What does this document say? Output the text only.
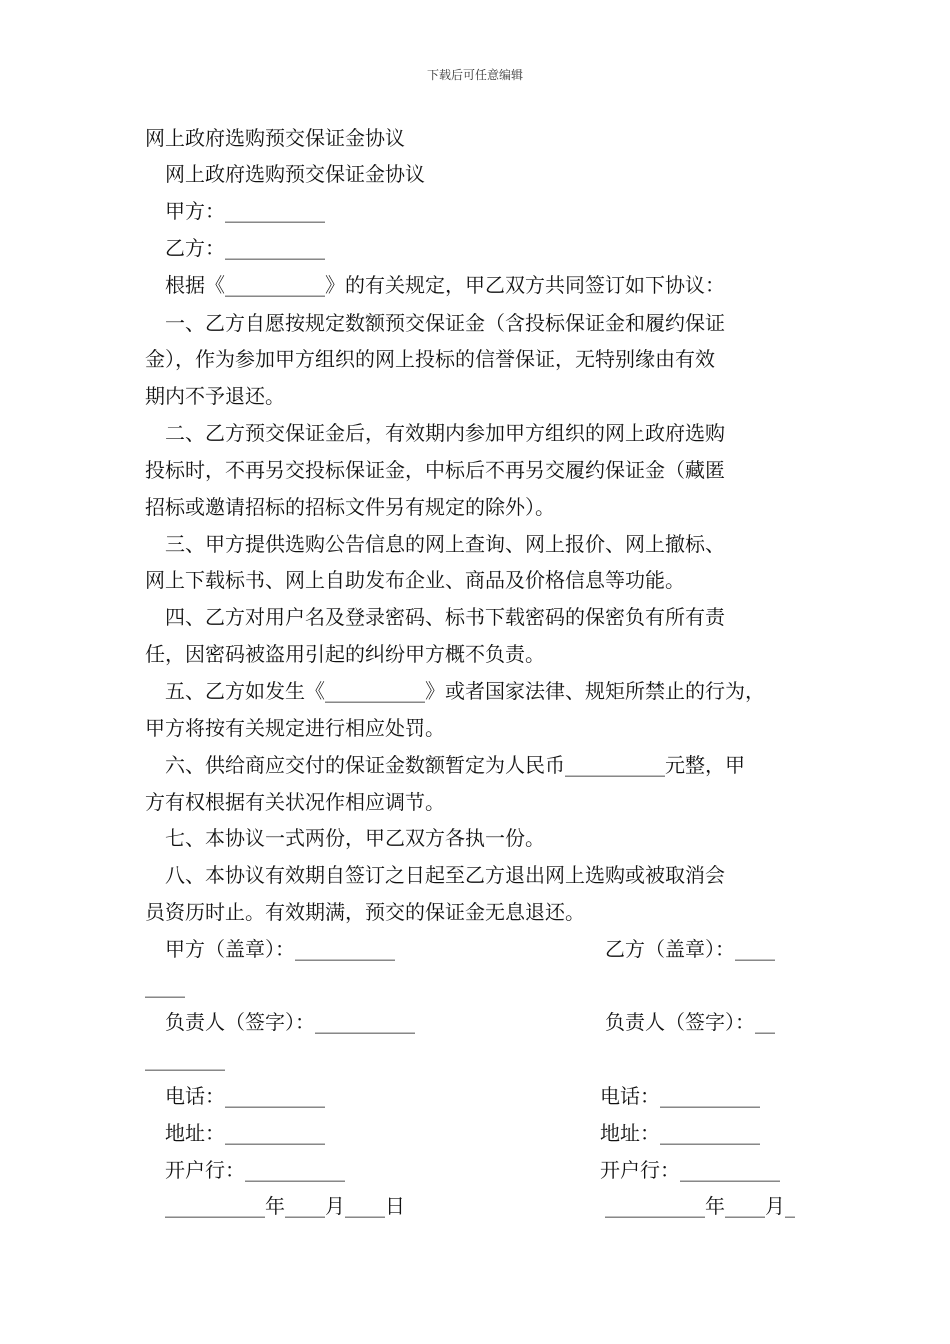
下载后可任意编辑
网上政府选购预交保证金协议
网上政府选购预交保证金协议
甲方：__________
乙方：__________
根据《__________》的有关规定，甲乙双方共同签订如下协议：
一、乙方自愿按规定数额预交保证金（含投标保证金和履约保证
金），作为参加甲方组织的网上投标的信誉保证，无特别缘由有效
期内不予退还。
二、乙方预交保证金后，有效期内参加甲方组织的网上政府选购
投标时，不再另交投标保证金，中标后不再另交履约保证金（藏匿
招标或邀请招标的招标文件另有规定的除外）。
三、甲方提供选购公告信息的网上查询、网上报价、网上撤标、
网上下载标书、网上自助发布企业、商品及价格信息等功能。
四、乙方对用户名及登录密码、标书下载密码的保密负有所有责
任，因密码被盗用引起的纠纷甲方概不负责。
五、乙方如发生《__________》或者国家法律、规矩所禁止的行为，
甲方将按有关规定进行相应处罚。
六、供给商应交付的保证金数额暂定为人民币__________元整，甲
方有权根据有关状况作相应调节。
七、本协议一式两份，甲乙双方各执一份。
八、本协议有效期自签订之日起至乙方退出网上选购或被取消会
员资历时止。有效期满，预交的保证金无息退还。
甲方（盖章）：__________	乙方（盖章）：____
____
负责人（签字）：__________	负责人（签字）：__
________
电话：__________	电话：__________
地址：__________	地址：__________
开户行：__________	开户行：__________
__________年____月____日	__________年____月_
